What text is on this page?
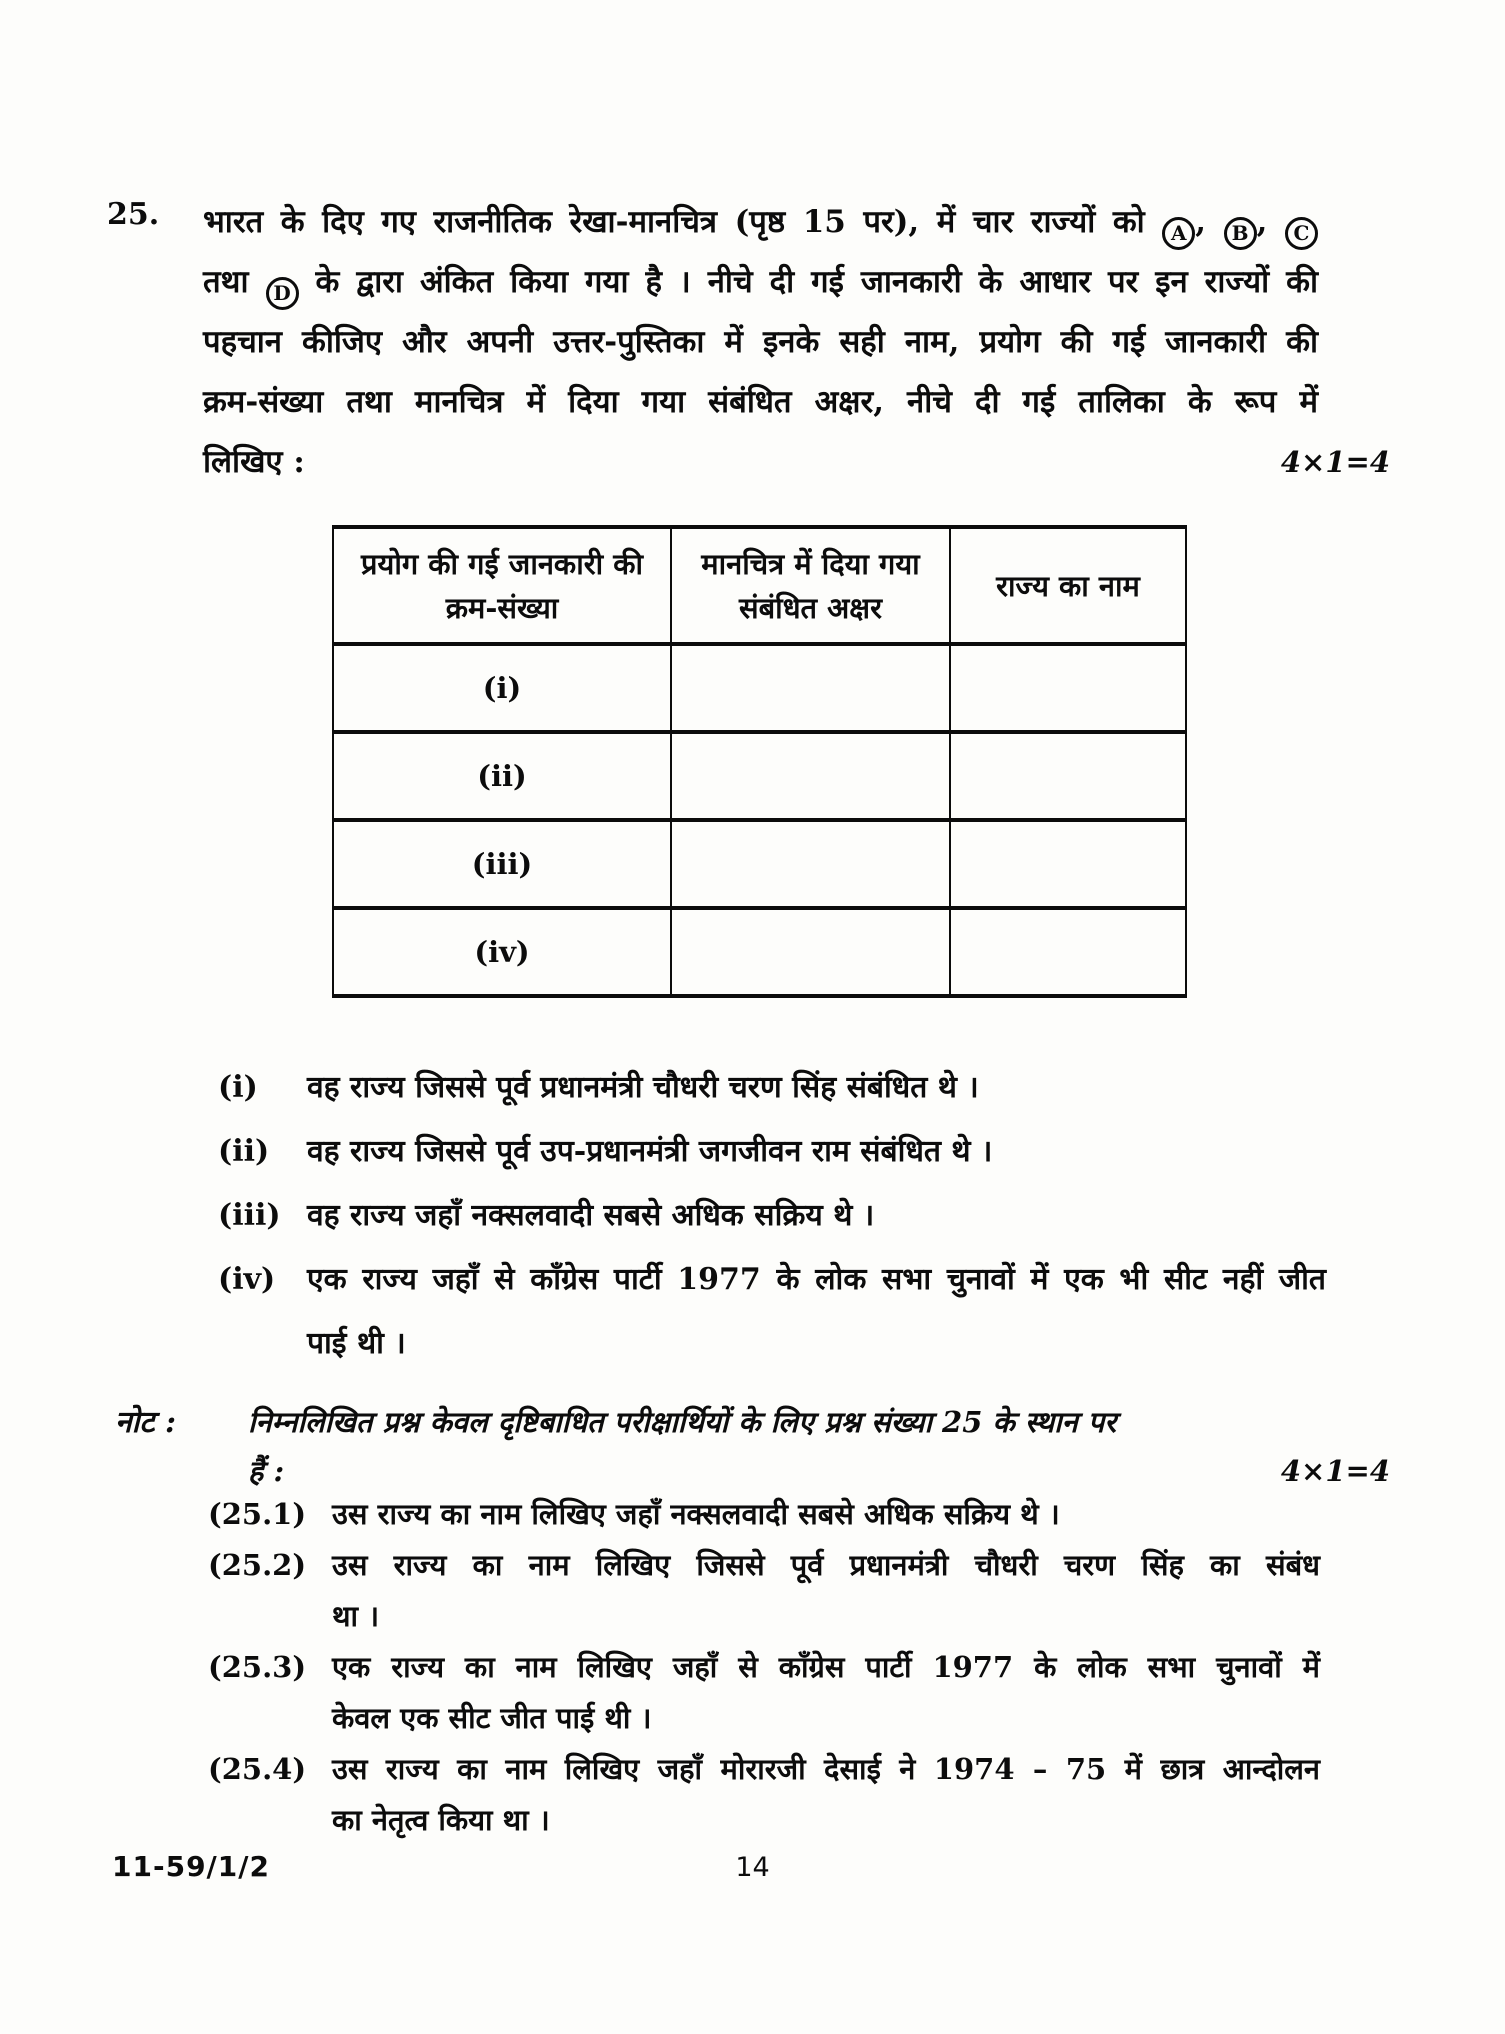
25. भारत के दिए गए राजनीतिक रेखा-मानचित्र (पृष्ठ 15 पर), में चार राज्यों को A , B , C
तथा D के द्वारा अंकित किया गया है । नीचे दी गई जानकारी के आधार पर इन राज्यों की
पहचान कीजिए और अपनी उत्तर-पुस्तिका में इनके सही नाम, प्रयोग की गई जानकारी की
क्रम-संख्या तथा मानचित्र में दिया गया संबंधित अक्षर, नीचे दी गई तालिका के रूप में
लिखिए :	4×1=4
प्रयोग की गई जानकारी की क्रम-संख्या	मानचित्र में दिया गया संबंधित अक्षर	राज्य का नाम
(i)		
(ii)		
(iii)		
(iv)		
(i)	वह राज्य जिससे पूर्व प्रधानमंत्री चौधरी चरण सिंह संबंधित थे ।
(ii)	वह राज्य जिससे पूर्व उप-प्रधानमंत्री जगजीवन राम संबंधित थे ।
(iii) वह राज्य जहाँ नक्सलवादी सबसे अधिक सक्रिय थे ।
(iv)	एक राज्य जहाँ से काँग्रेस पार्टी 1977 के लोक सभा चुनावों में एक भी सीट नहीं जीत
पाई थी ।
नोट :	निम्नलिखित प्रश्न केवल दृष्टिबाधित परीक्षार्थियों के लिए प्रश्न संख्या 25 के स्थान पर
हैं :	4×1=4
(25.1) उस राज्य का नाम लिखिए जहाँ नक्सलवादी सबसे अधिक सक्रिय थे ।
(25.2) उस राज्य का नाम लिखिए जिससे पूर्व प्रधानमंत्री चौधरी चरण सिंह का संबंध
था ।
(25.3) एक राज्य का नाम लिखिए जहाँ से काँग्रेस पार्टी 1977 के लोक सभा चुनावों में
केवल एक सीट जीत पाई थी ।
(25.4) उस राज्य का नाम लिखिए जहाँ मोरारजी देसाई ने 1974 – 75 में छात्र आन्दोलन
का नेतृत्व किया था ।
11-59/1/2	14
